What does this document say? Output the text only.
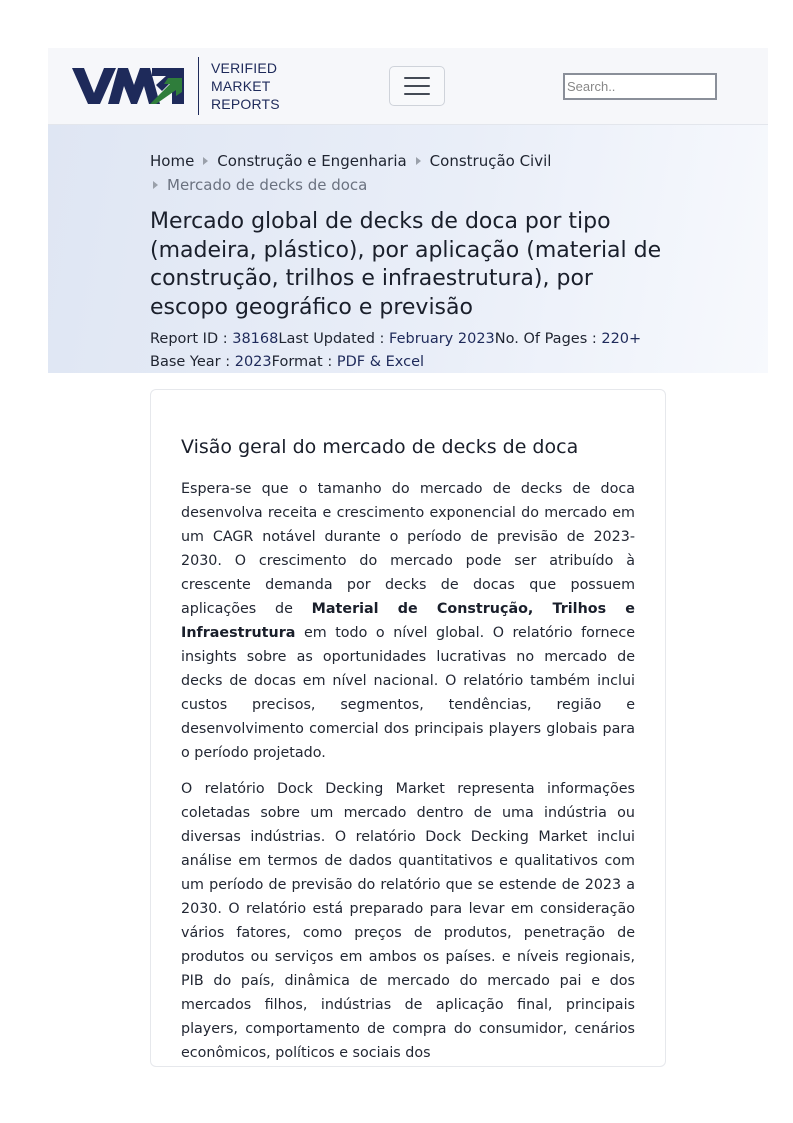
VERIFIED
MARKET
REPORTS
Search..
Home Construção e Engenharia Construção Civil
Mercado de decks de doca
Mercado global de decks de doca por tipo (madeira, plástico), por aplicação (material de construção, trilhos e infraestrutura), por escopo geográfico e previsão
Report ID : 38168Last Updated : February 2023No. Of Pages : 220+
Base Year : 2023Format : PDF & Excel
Visão geral do mercado de decks de doca

Espera-se que o tamanho do mercado de decks de doca desenvolva receita e crescimento exponencial do mercado em um CAGR notável durante o período de previsão de 2023-2030. O crescimento do mercado pode ser atribuído à crescente demanda por decks de docas que possuem aplicações de Material de Construção, Trilhos e Infraestrutura em todo o nível global. O relatório fornece insights sobre as oportunidades lucrativas no mercado de decks de docas em nível nacional. O relatório também inclui custos precisos, segmentos, tendências, região e desenvolvimento comercial dos principais players globais para o período projetado.

O relatório Dock Decking Market representa informações coletadas sobre um mercado dentro de uma indústria ou diversas indústrias. O relatório Dock Decking Market inclui análise em termos de dados quantitativos e qualitativos com um período de previsão do relatório que se estende de 2023 a 2030. O relatório está preparado para levar em consideração vários fatores, como preços de produtos, penetração de produtos ou serviços em ambos os países. e níveis regionais, PIB do país, dinâmica de mercado do mercado pai e dos mercados filhos, indústrias de aplicação final, principais players, comportamento de compra do consumidor, cenários econômicos, políticos e sociais dos
